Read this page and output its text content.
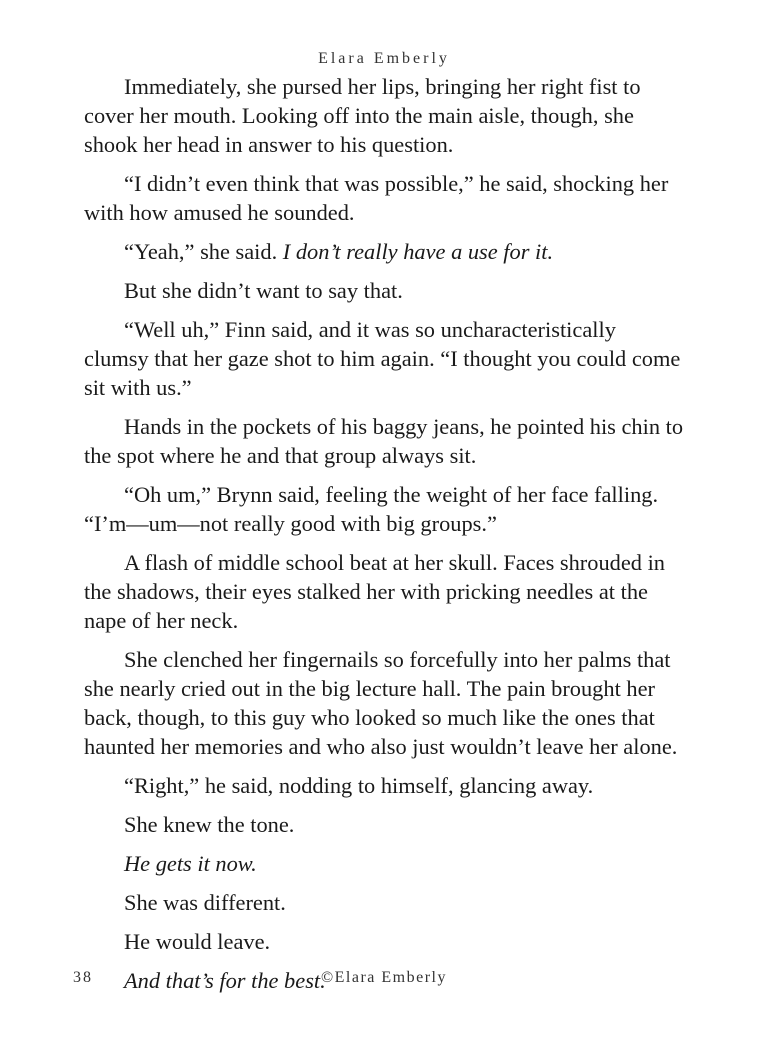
Elara Emberly

Immediately, she pursed her lips, bringing her right fist to cover her mouth. Looking off into the main aisle, though, she shook her head in answer to his question.

“I didn’t even think that was possible,” he said, shocking her with how amused he sounded.

“Yeah,” she said. I don’t really have a use for it.

But she didn’t want to say that.

“Well uh,” Finn said, and it was so uncharacteristically clumsy that her gaze shot to him again. “I thought you could come sit with us.”

Hands in the pockets of his baggy jeans, he pointed his chin to the spot where he and that group always sit.

“Oh um,” Brynn said, feeling the weight of her face falling. “I’m—um—not really good with big groups.”

A flash of middle school beat at her skull. Faces shrouded in the shadows, their eyes stalked her with pricking needles at the nape of her neck.

She clenched her fingernails so forcefully into her palms that she nearly cried out in the big lecture hall. The pain brought her back, though, to this guy who looked so much like the ones that haunted her memories and who also just wouldn’t leave her alone.

“Right,” he said, nodding to himself, glancing away.

She knew the tone.

He gets it now.

She was different.

He would leave.

And that’s for the best.

©Elara Emberly
38
